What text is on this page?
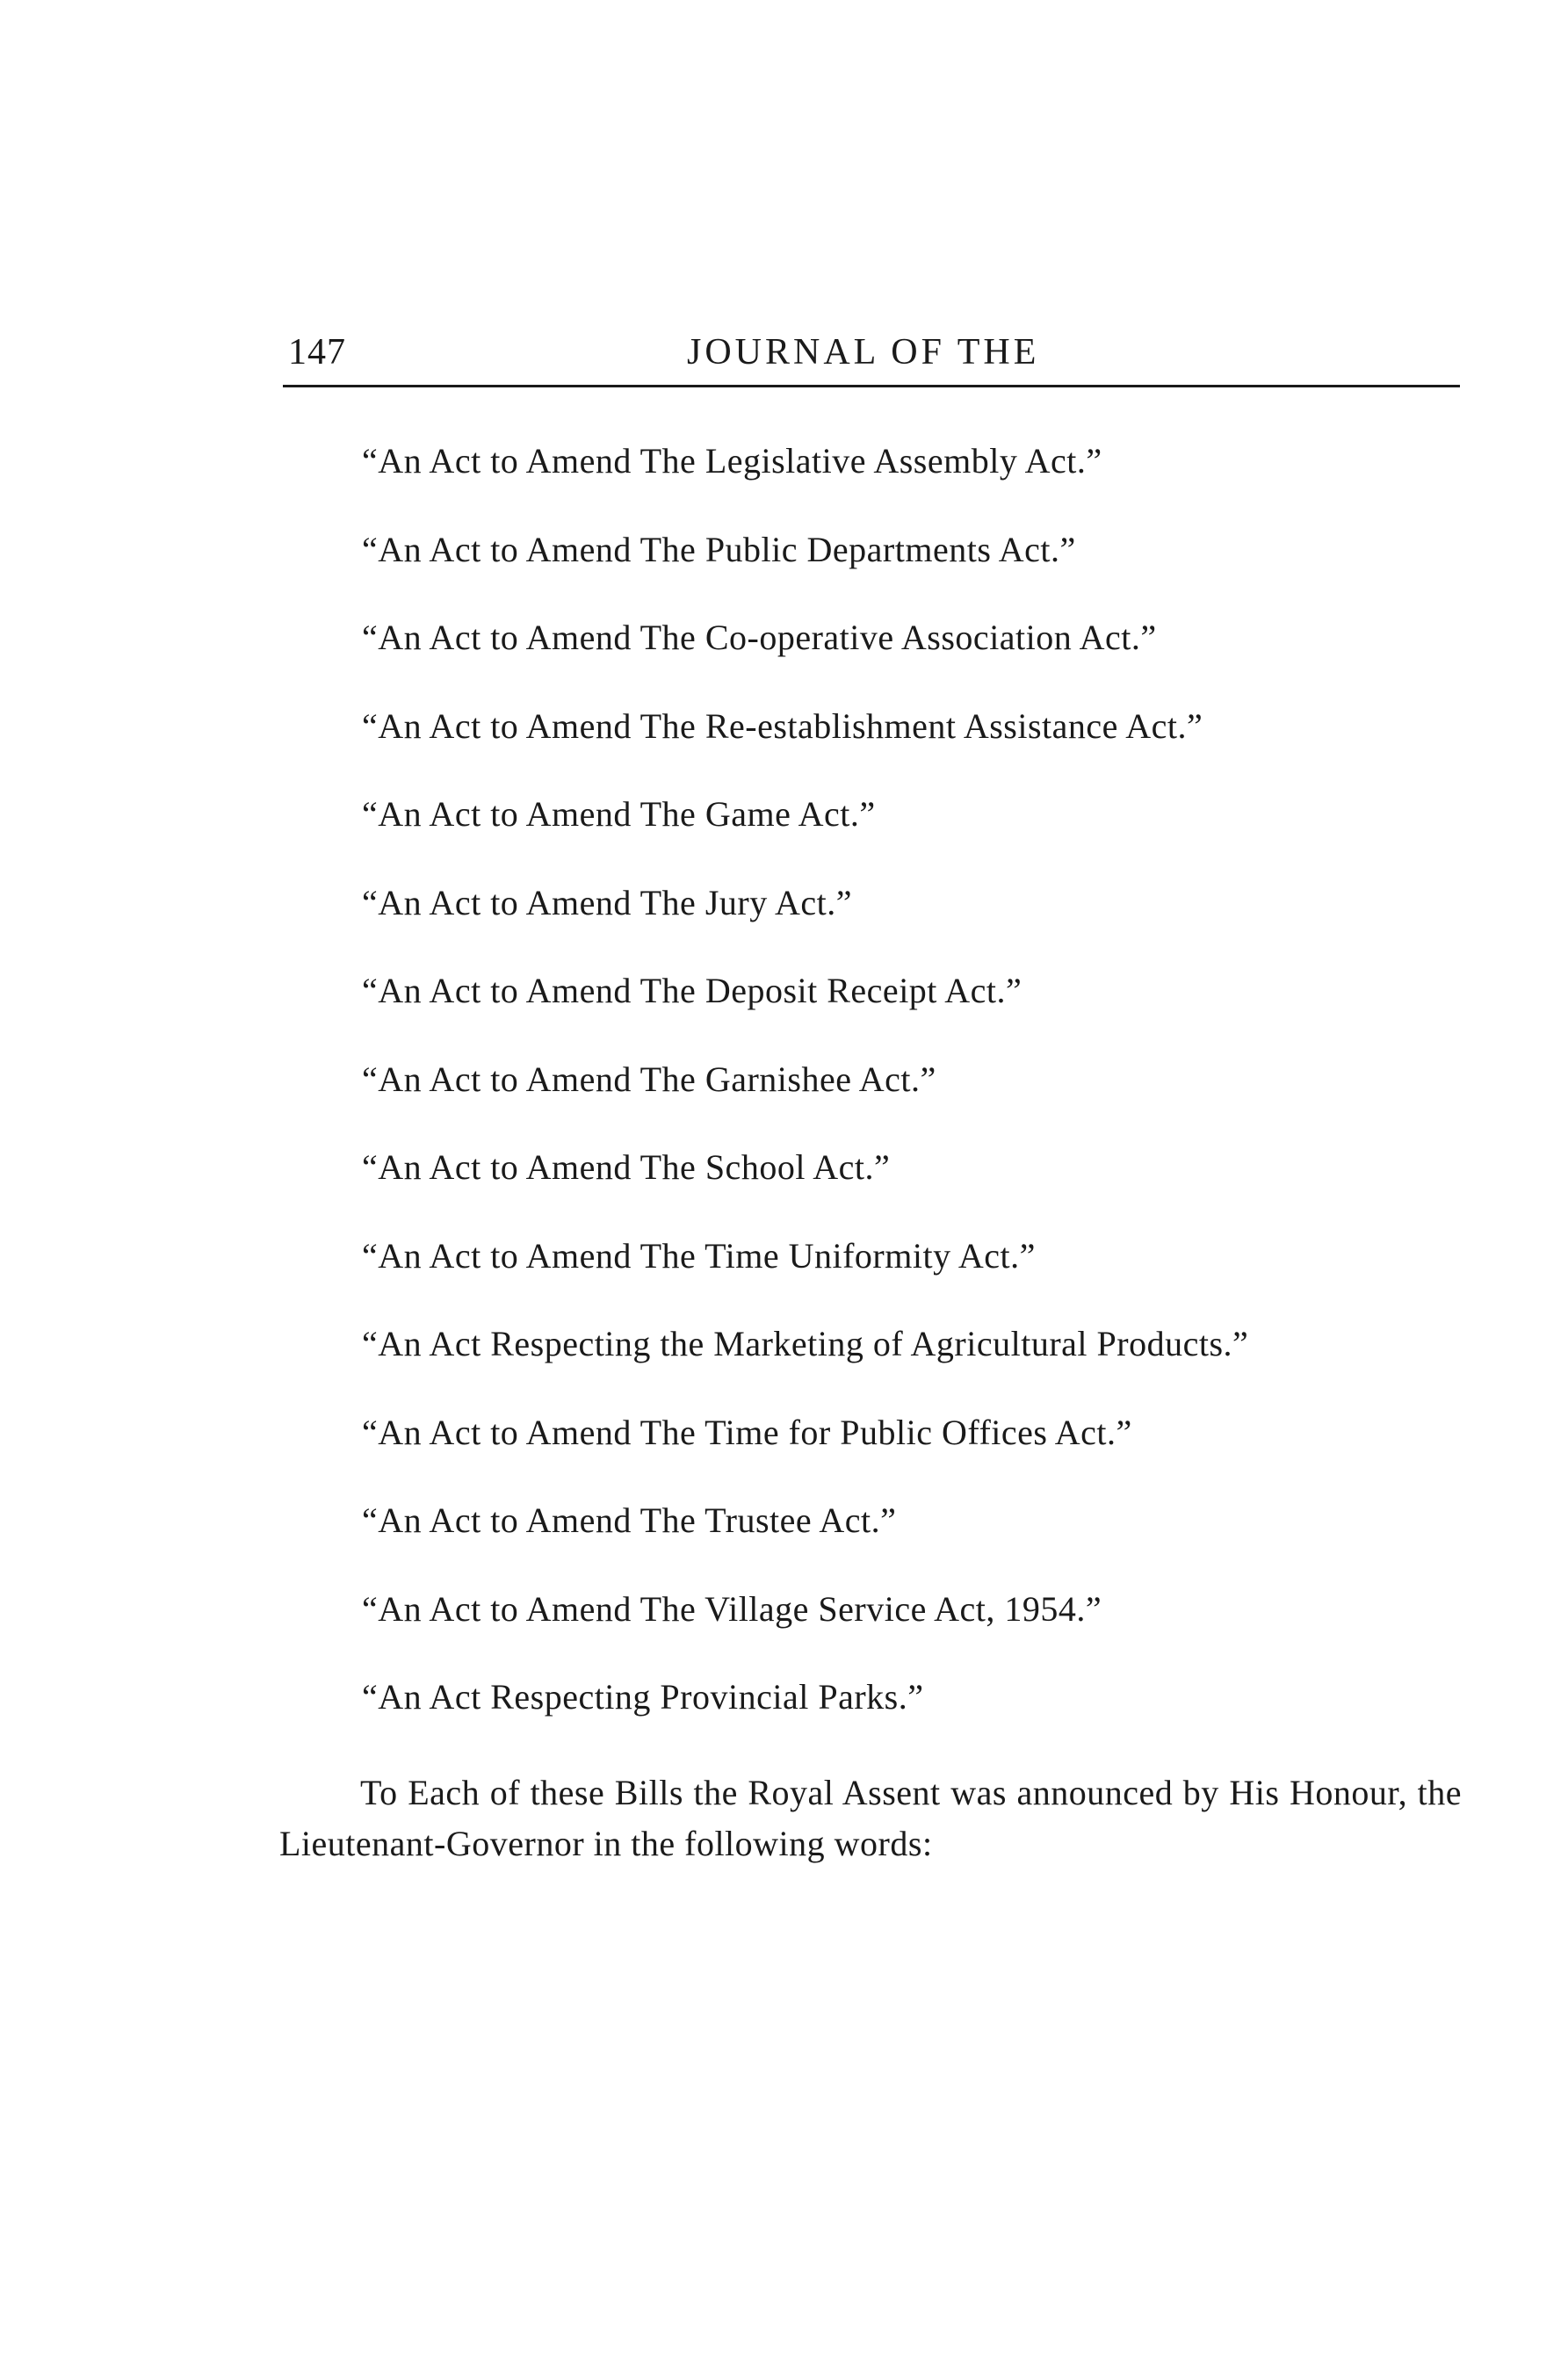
147	JOURNAL OF THE
“An Act to Amend The Legislative Assembly Act.”
“An Act to Amend The Public Departments Act.”
“An Act to Amend The Co-operative Association Act.”
“An Act to Amend The Re-establishment Assistance Act.”
“An Act to Amend The Game Act.”
“An Act to Amend The Jury Act.”
“An Act to Amend The Deposit Receipt Act.”
“An Act to Amend The Garnishee Act.”
“An Act to Amend The School Act.”
“An Act to Amend The Time Uniformity Act.”
“An Act Respecting the Marketing of Agricultural Products.”
“An Act to Amend The Time for Public Offices Act.”
“An Act to Amend The Trustee Act.”
“An Act to Amend The Village Service Act, 1954.”
“An Act Respecting Provincial Parks.”

To Each of these Bills the Royal Assent was announced by His Honour, the Lieutenant-Governor in the following words:
